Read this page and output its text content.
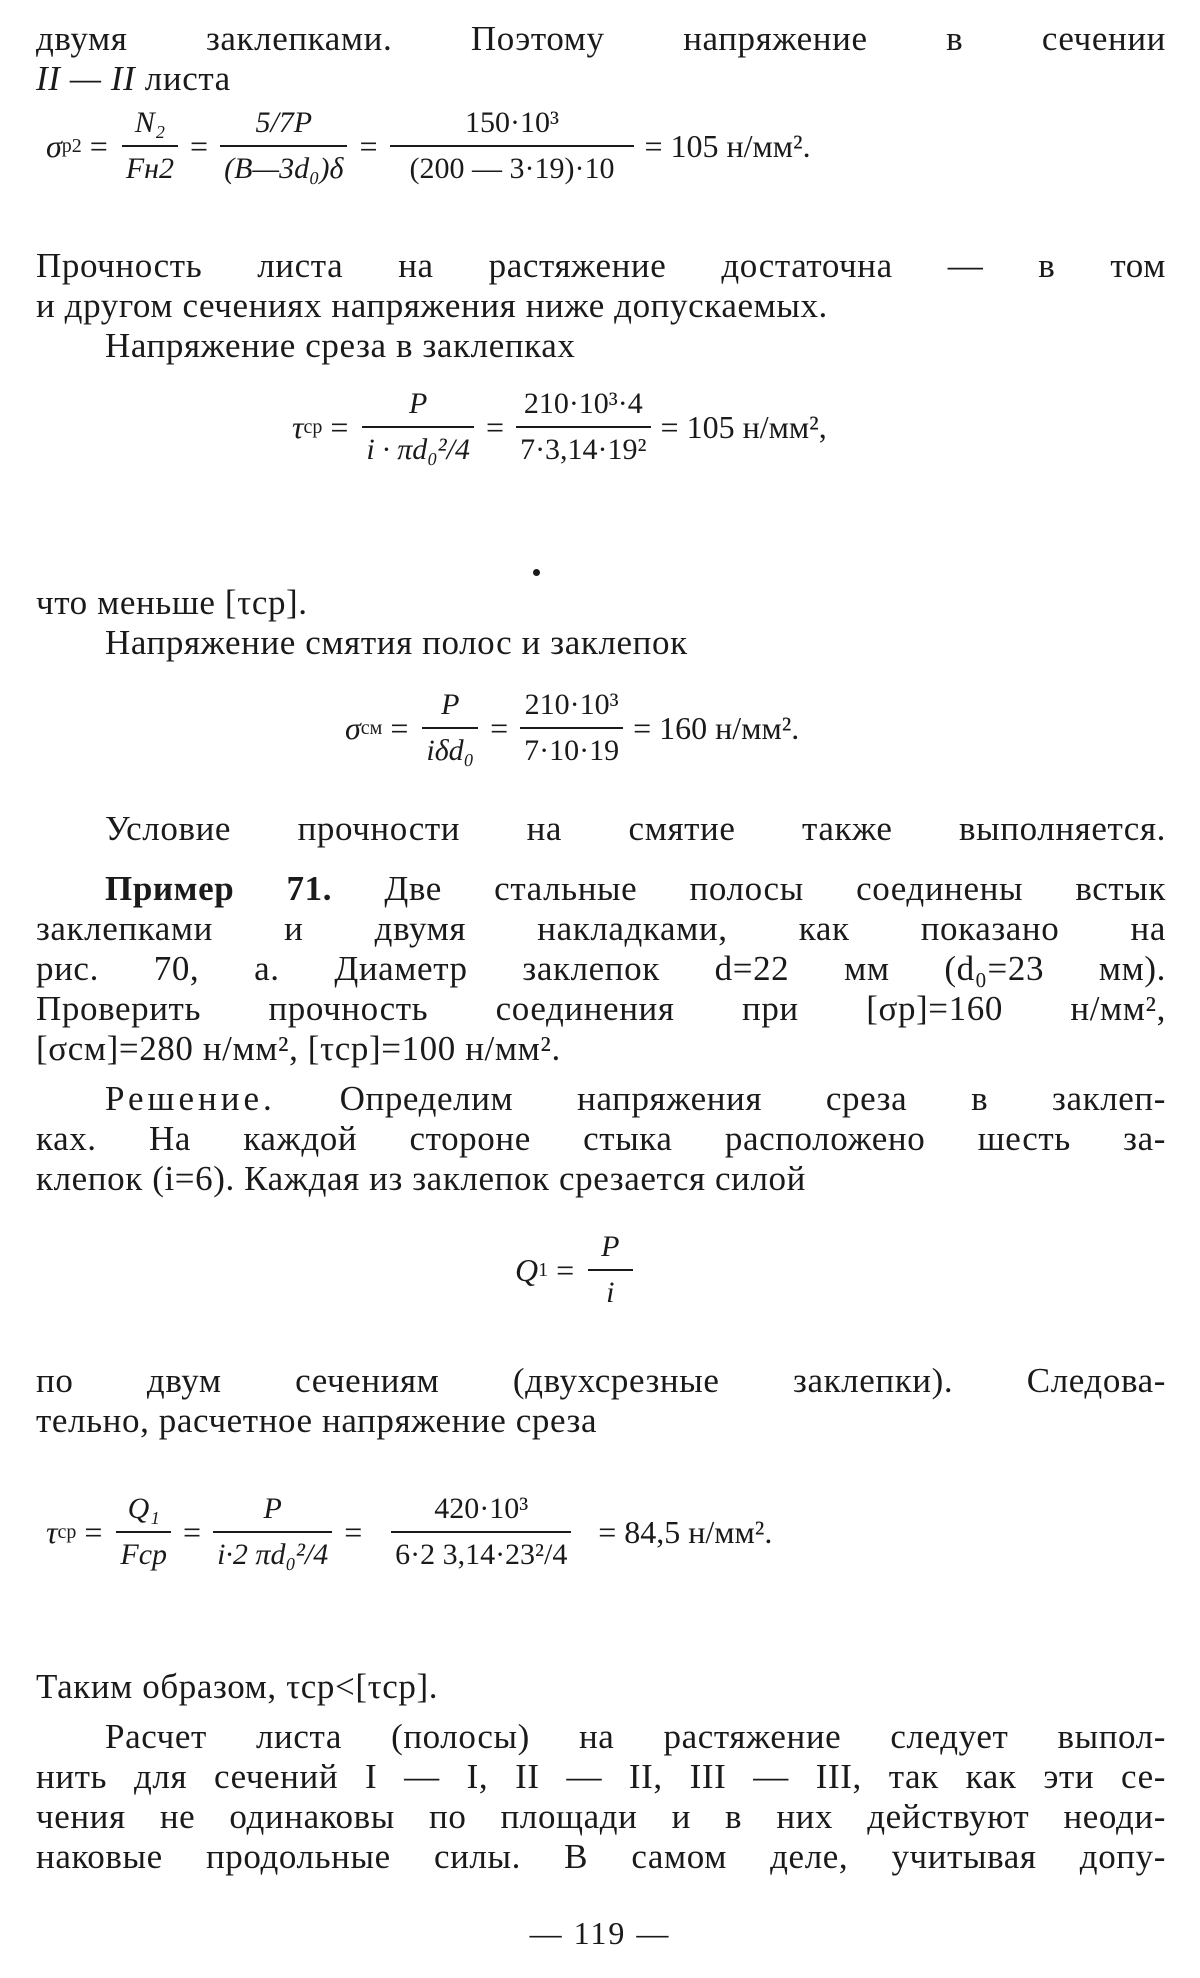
двумя заклепками. Поэтому напряжение в сечении
II — II листа
σ $р2 = \frac{\text{N₂}}{Fн2} = \frac{5/7P}{\text{(B—3d₀)δ}} = \frac{\text{150·10³}}{(200 — 3\cdot 19)\cdot 10} = 105$ н/мм².
Прочность листа на растяжение достаточна — в том
и другом сечениях напряжения ниже допускаемых.
Напряжение среза в заклепках
τ ср = $\frac{P}{\text{i · πd₀²/4}} = \frac{\text{210·10³·4}}{\text{7·3,14·19²}} = 105$ н/мм²,
что меньше [τср].
Напряжение смятия полос и заклепок
σ см = $\frac{P}{\text{iδd₀}} = \frac{\text{210·10³}}{7\cdot 10\cdot 19} = 160$ н/мм².
Условие прочности на смятие также выполняется.
Пример 71. Две стальные полосы соединены встык
заклепками и двумя накладками, как показано на
рис. 70, а. Диаметр заклепок d=22 мм (d₀=23 мм).
Проверить прочность соединения при [σр]=160 н/мм²,
[σсм]=280 н/мм², [τср]=100 н/мм².
Решение. Определим напряжения среза в заклеп-
ках. На каждой стороне стыка расположено шесть за-
клепок (i=6). Каждая из заклепок срезается силой
Q $1 = \frac{P}{i}$
по двум сечениям (двухсрезные заклепки). Следова-
тельно, расчетное напряжение среза
τ ср = $\frac{\text{Q₁}}{\text{Fср}} = \frac{P}{\text{i·2 πd₀²/4}} = \frac{\text{420·10³}}{\text{6·2 3,14·23²/4}} = 84,5$ н/мм².
Таким образом, τср<[τср].
Расчет листа (полосы) на растяжение следует выпол-
нить для сечений I — I, II — II, III — III, так как эти се-
чения не одинаковы по площади и в них действуют неоди-
наковые продольные силы. В самом деле, учитывая допу-
— 119 —
